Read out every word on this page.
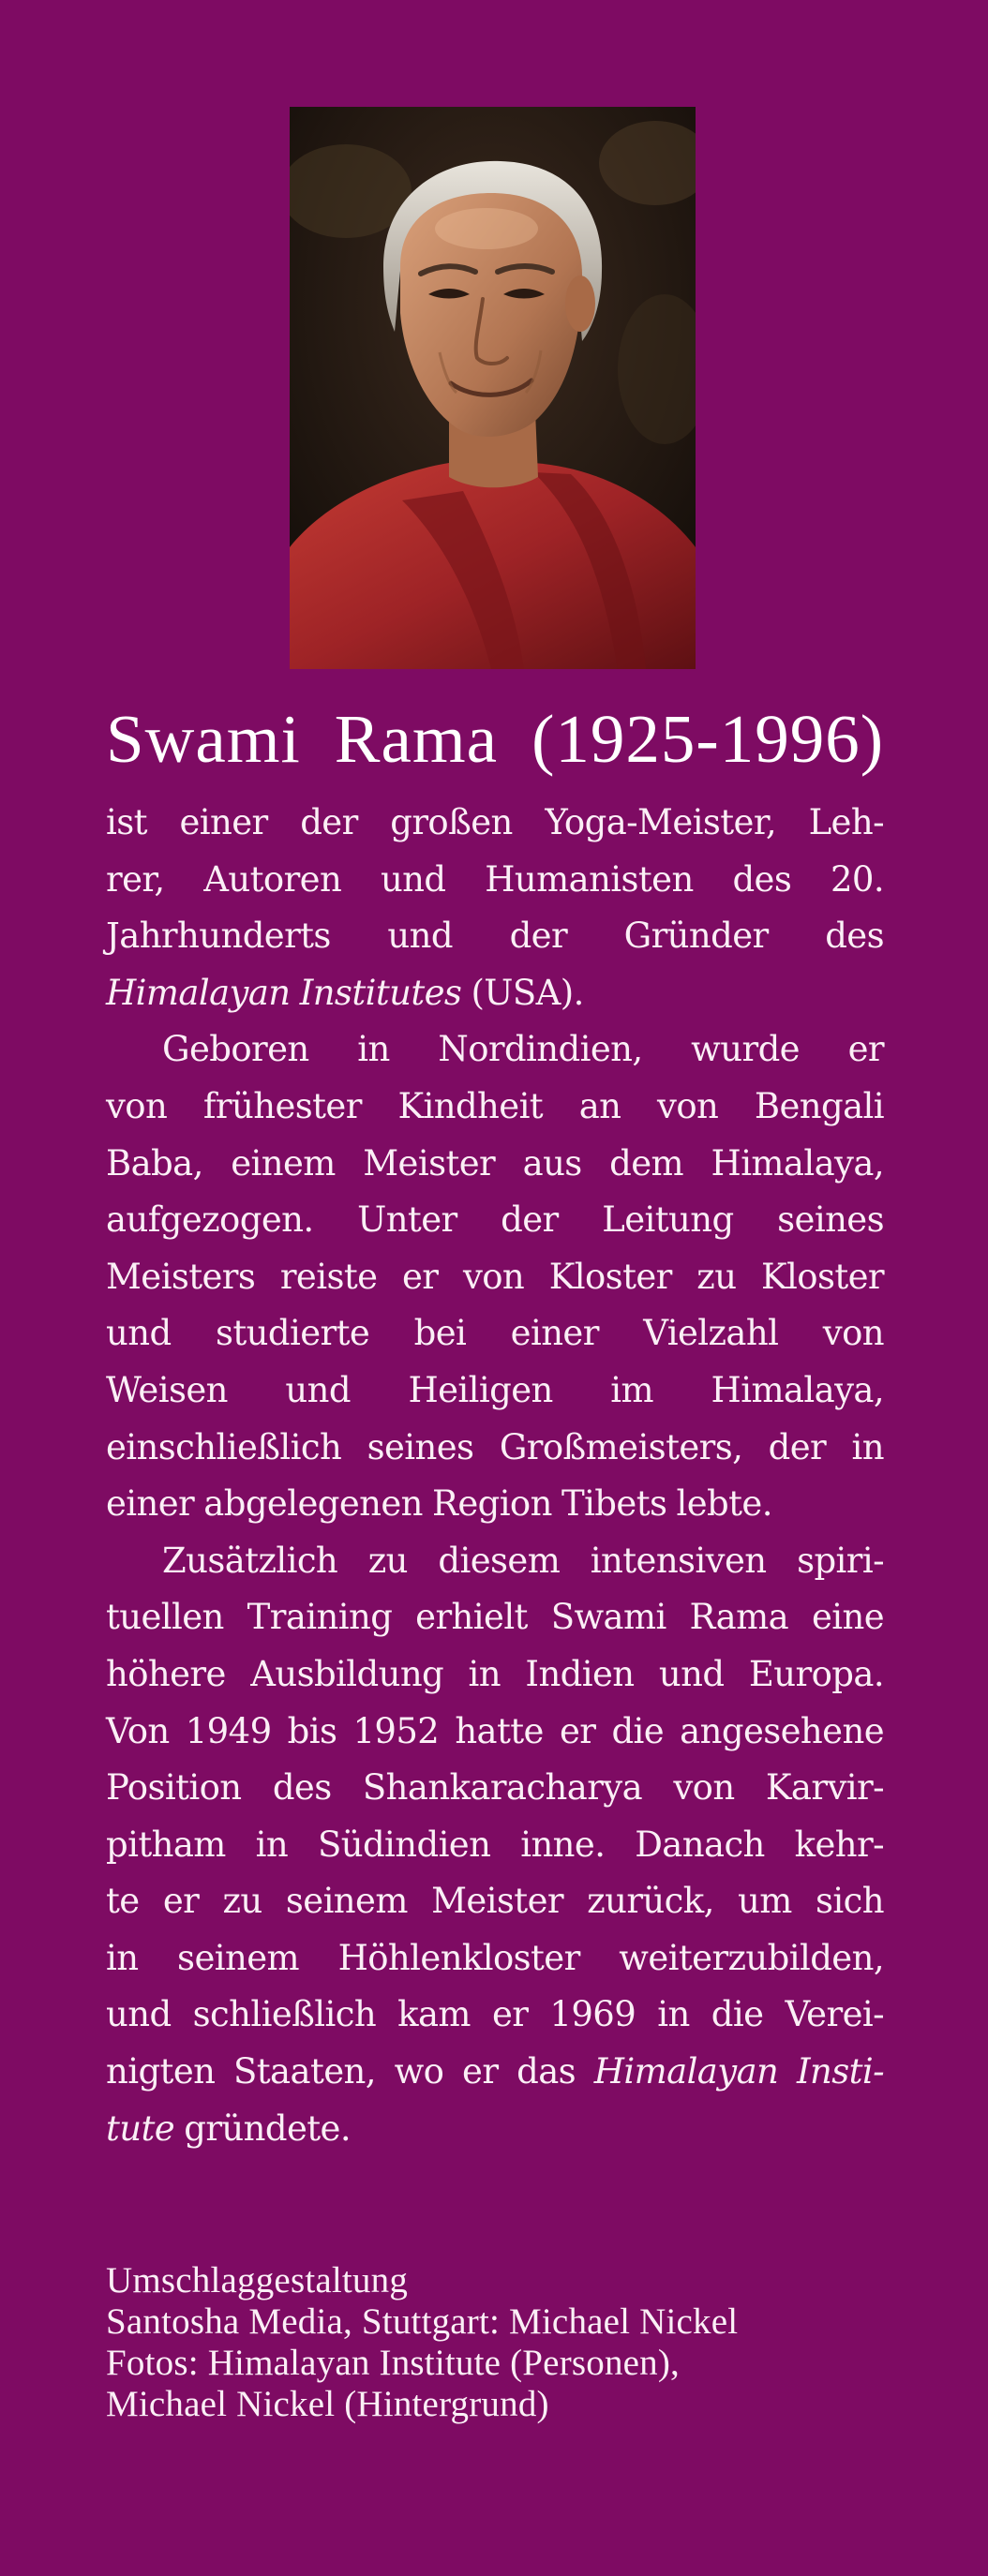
Swami Rama (1925-1996)
ist einer der großen Yoga-Meister, Leh-
rer, Autoren und Humanisten des 20.
Jahrhunderts und der Gründer des
Himalayan Institutes (USA).
Geboren in Nordindien, wurde er
von frühester Kindheit an von Bengali
Baba, einem Meister aus dem Himalaya,
aufgezogen. Unter der Leitung seines
Meisters reiste er von Kloster zu Kloster
und studierte bei einer Vielzahl von
Weisen und Heiligen im Himalaya,
einschließlich seines Großmeisters, der in
einer abgelegenen Region Tibets lebte.
Zusätzlich zu diesem intensiven spiri-
tuellen Training erhielt Swami Rama eine
höhere Ausbildung in Indien und Europa.
Von 1949 bis 1952 hatte er die angesehene
Position des Shankaracharya von Karvir-
pitham in Südindien inne. Danach kehr-
te er zu seinem Meister zurück, um sich
in seinem Höhlenkloster weiterzubilden,
und schließlich kam er 1969 in die Verei-
nigten Staaten, wo er das Himalayan Insti-
tute gründete.
Umschlaggestaltung
Santosha Media, Stuttgart: Michael Nickel
Fotos: Himalayan Institute (Personen),
Michael Nickel (Hintergrund)
